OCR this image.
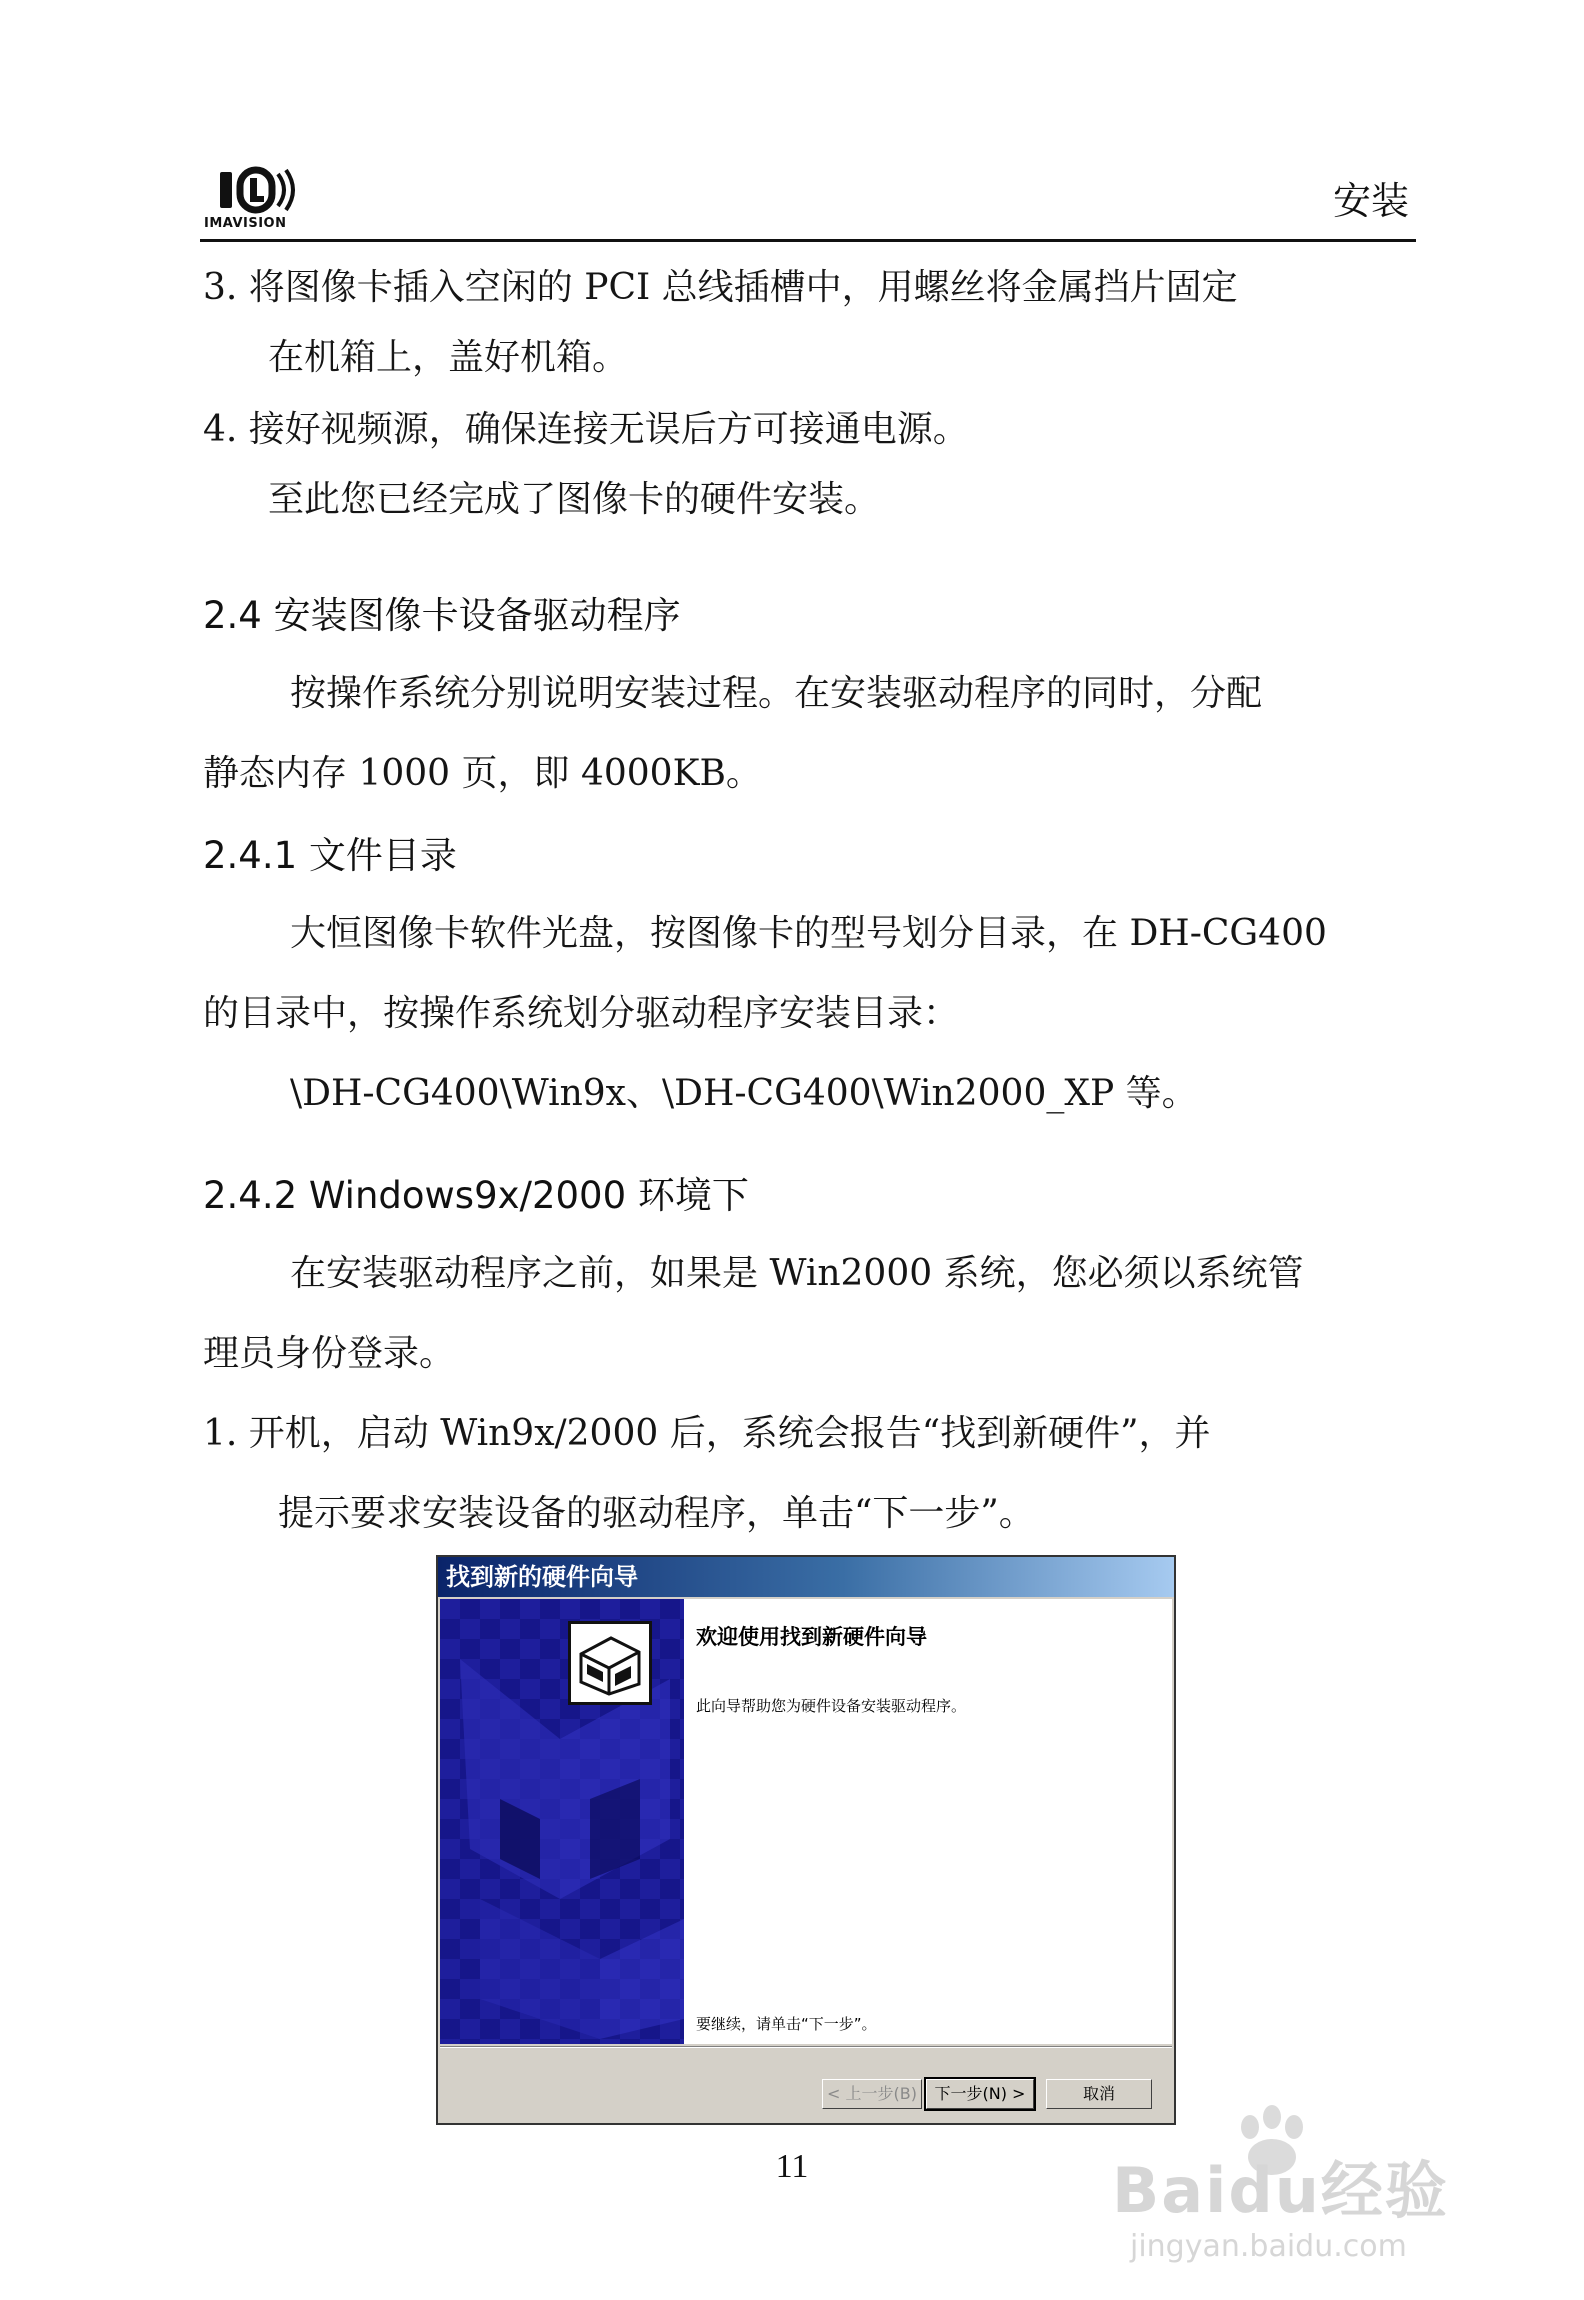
IMAVISION
安装
3. 将图像卡插入空闲的 PCI 总线插槽中，用螺丝将金属挡片固定
在机箱上，盖好机箱。
4. 接好视频源，确保连接无误后方可接通电源。
至此您已经完成了图像卡的硬件安装。
2.4 安装图像卡设备驱动程序
按操作系统分别说明安装过程。在安装驱动程序的同时，分配
静态内存 1000 页，即 4000KB。
2.4.1 文件目录
大恒图像卡软件光盘，按图像卡的型号划分目录，在 DH-CG400
的目录中，按操作系统划分驱动程序安装目录：
\DH-CG400\Win9x、\DH-CG400\Win2000_XP 等。
2.4.2 Windows9x/2000 环境下
在安装驱动程序之前，如果是 Win2000 系统，您必须以系统管
理员身份登录。
1. 开机，启动 Win9x/2000 后，系统会报告“找到新硬件”，并
提示要求安装设备的驱动程序，单击“下一步”。
找到新的硬件向导
欢迎使用找到新硬件向导
此向导帮助您为硬件设备安装驱动程序。
要继续，请单击“下一步”。
< 上一步(B)	下一步(N) >	取消
11	Baidu经验
jingyan.baidu.com
